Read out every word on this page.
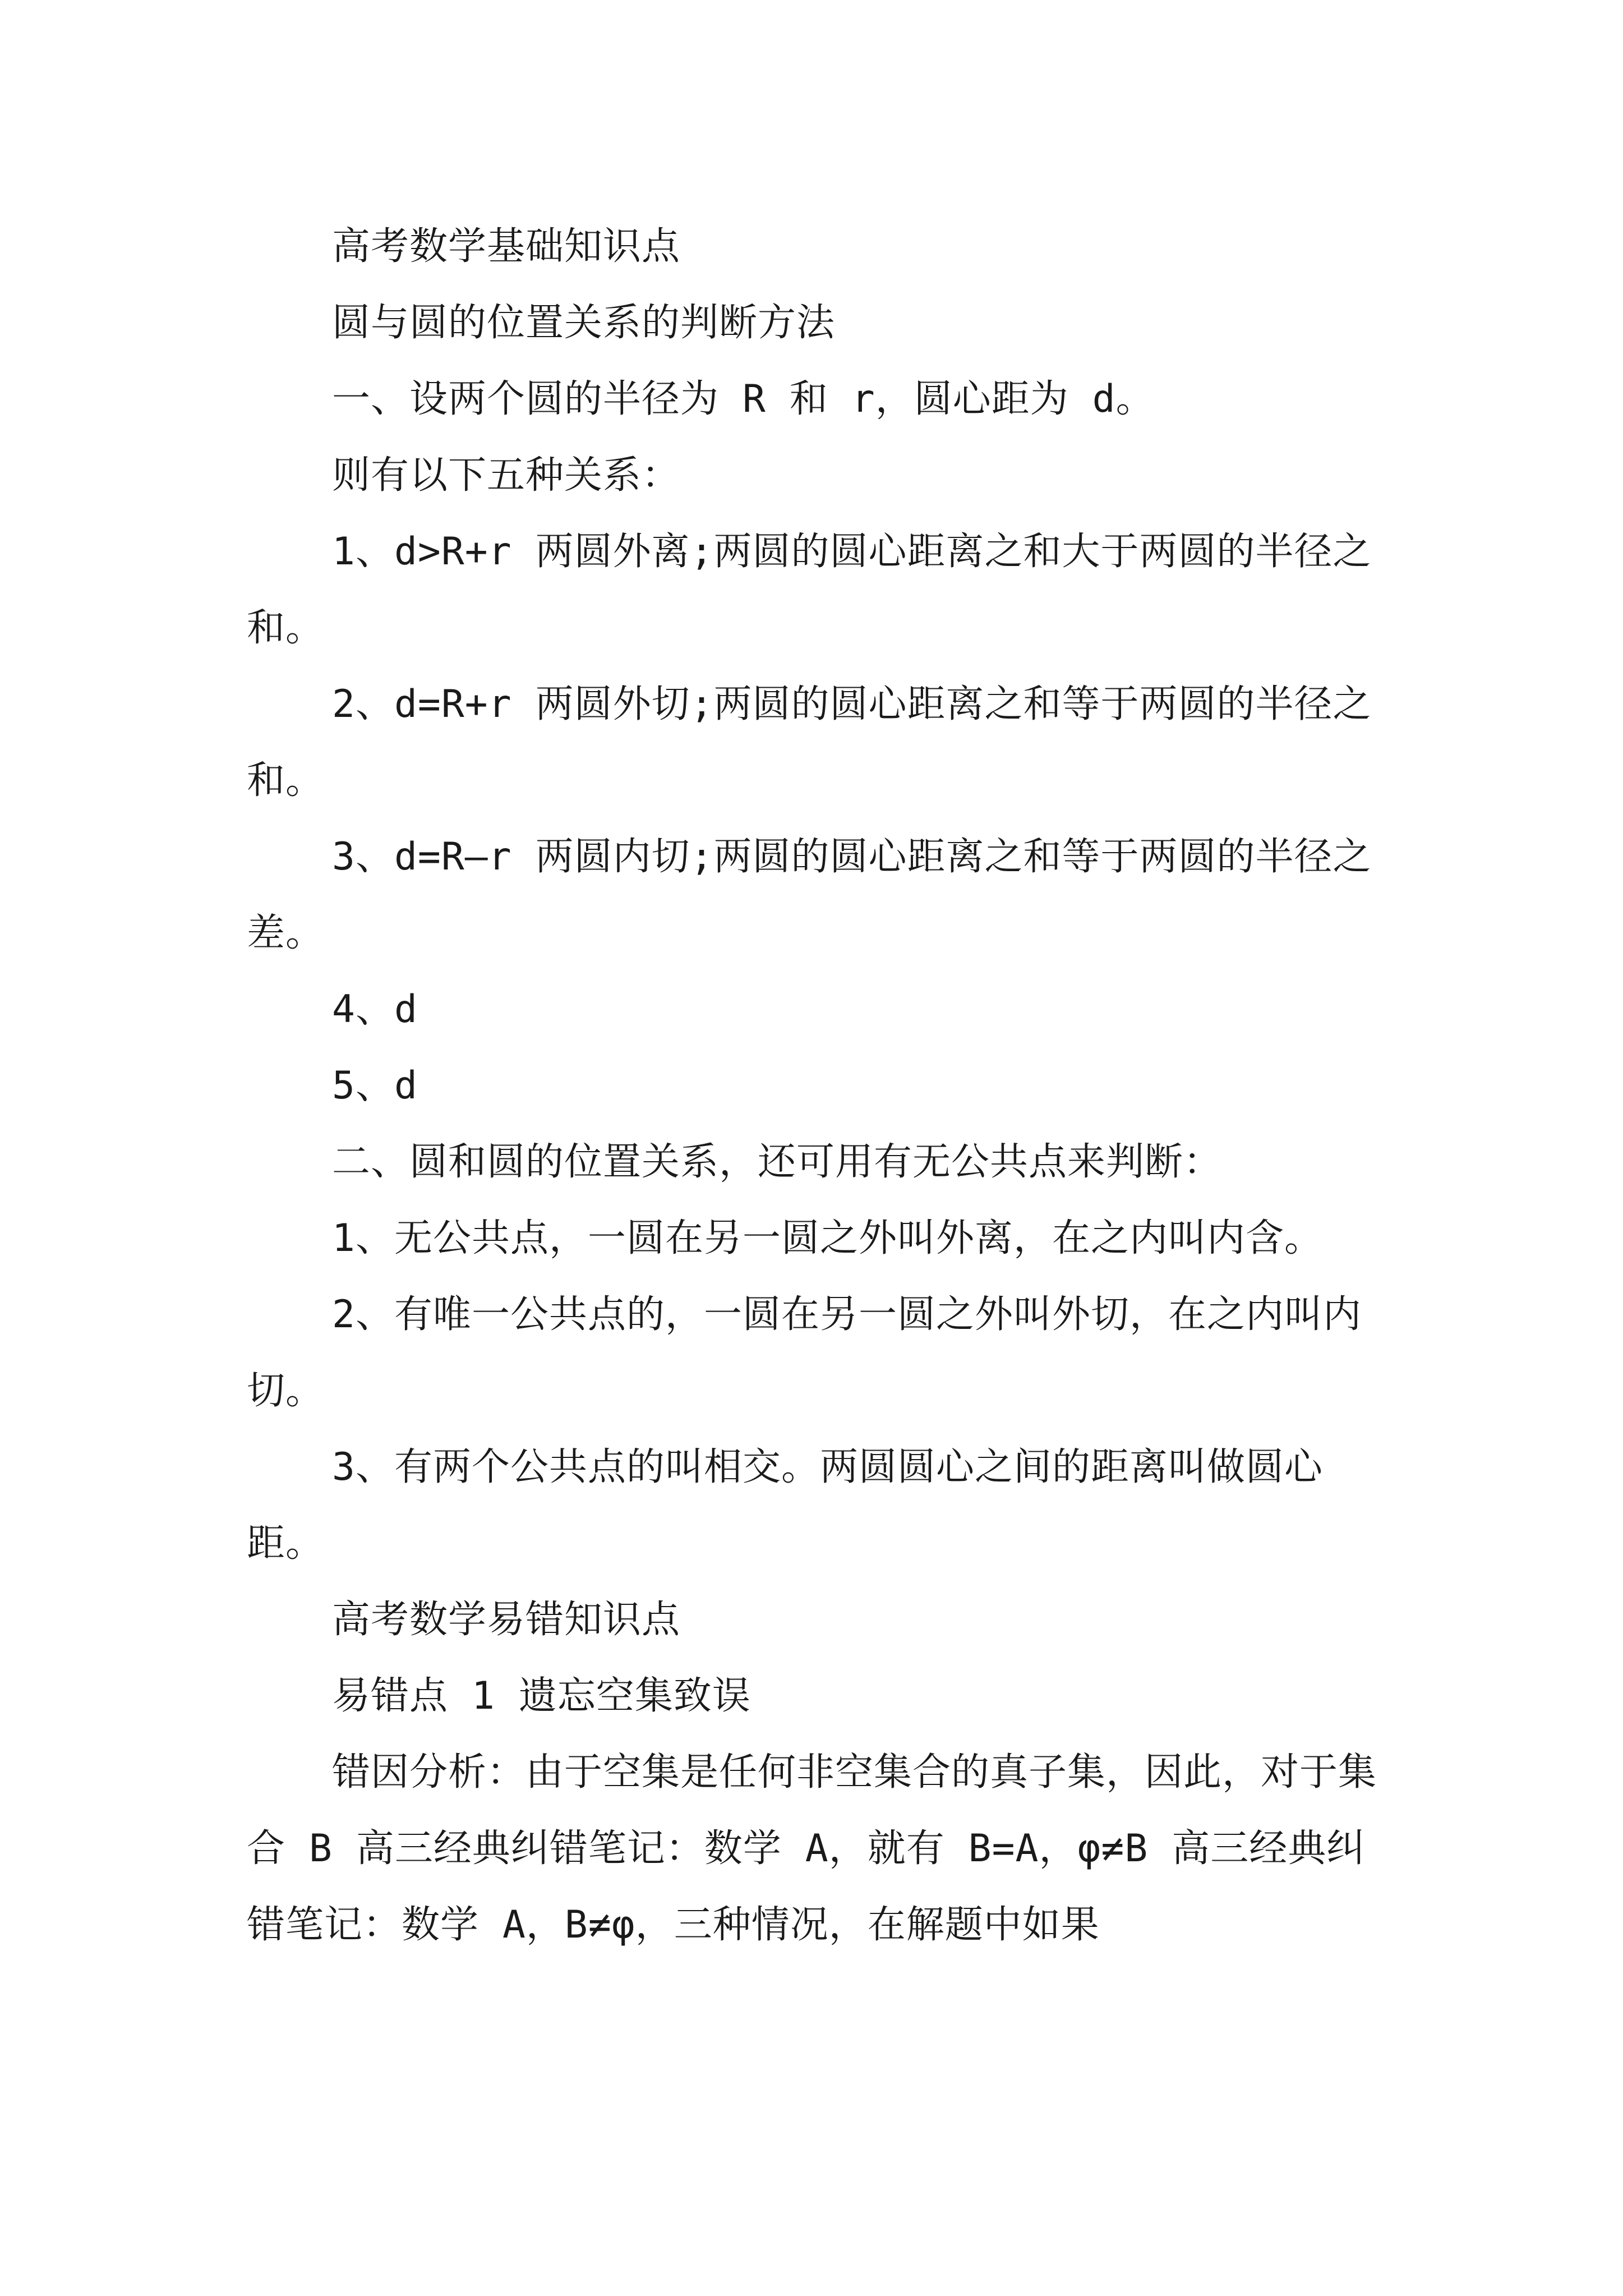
高考数学基础知识点

圆与圆的位置关系的判断方法

一、设两个圆的半径为 R 和 r，圆心距为 d。

则有以下五种关系：

1、d>R+r 两圆外离;两圆的圆心距离之和大于两圆的半径之和。

2、d=R+r 两圆外切;两圆的圆心距离之和等于两圆的半径之和。

3、d=R—r 两圆内切;两圆的圆心距离之和等于两圆的半径之差。

4、d

5、d

二、圆和圆的位置关系，还可用有无公共点来判断：

1、无公共点，一圆在另一圆之外叫外离，在之内叫内含。

2、有唯一公共点的，一圆在另一圆之外叫外切，在之内叫内切。

3、有两个公共点的叫相交。两圆圆心之间的距离叫做圆心距。

高考数学易错知识点

易错点 1 遗忘空集致误

错因分析：由于空集是任何非空集合的真子集，因此，对于集合 B 高三经典纠错笔记：数学 A，就有 B=A，φ≠B 高三经典纠错笔记：数学 A，B≠φ，三种情况，在解题中如果
